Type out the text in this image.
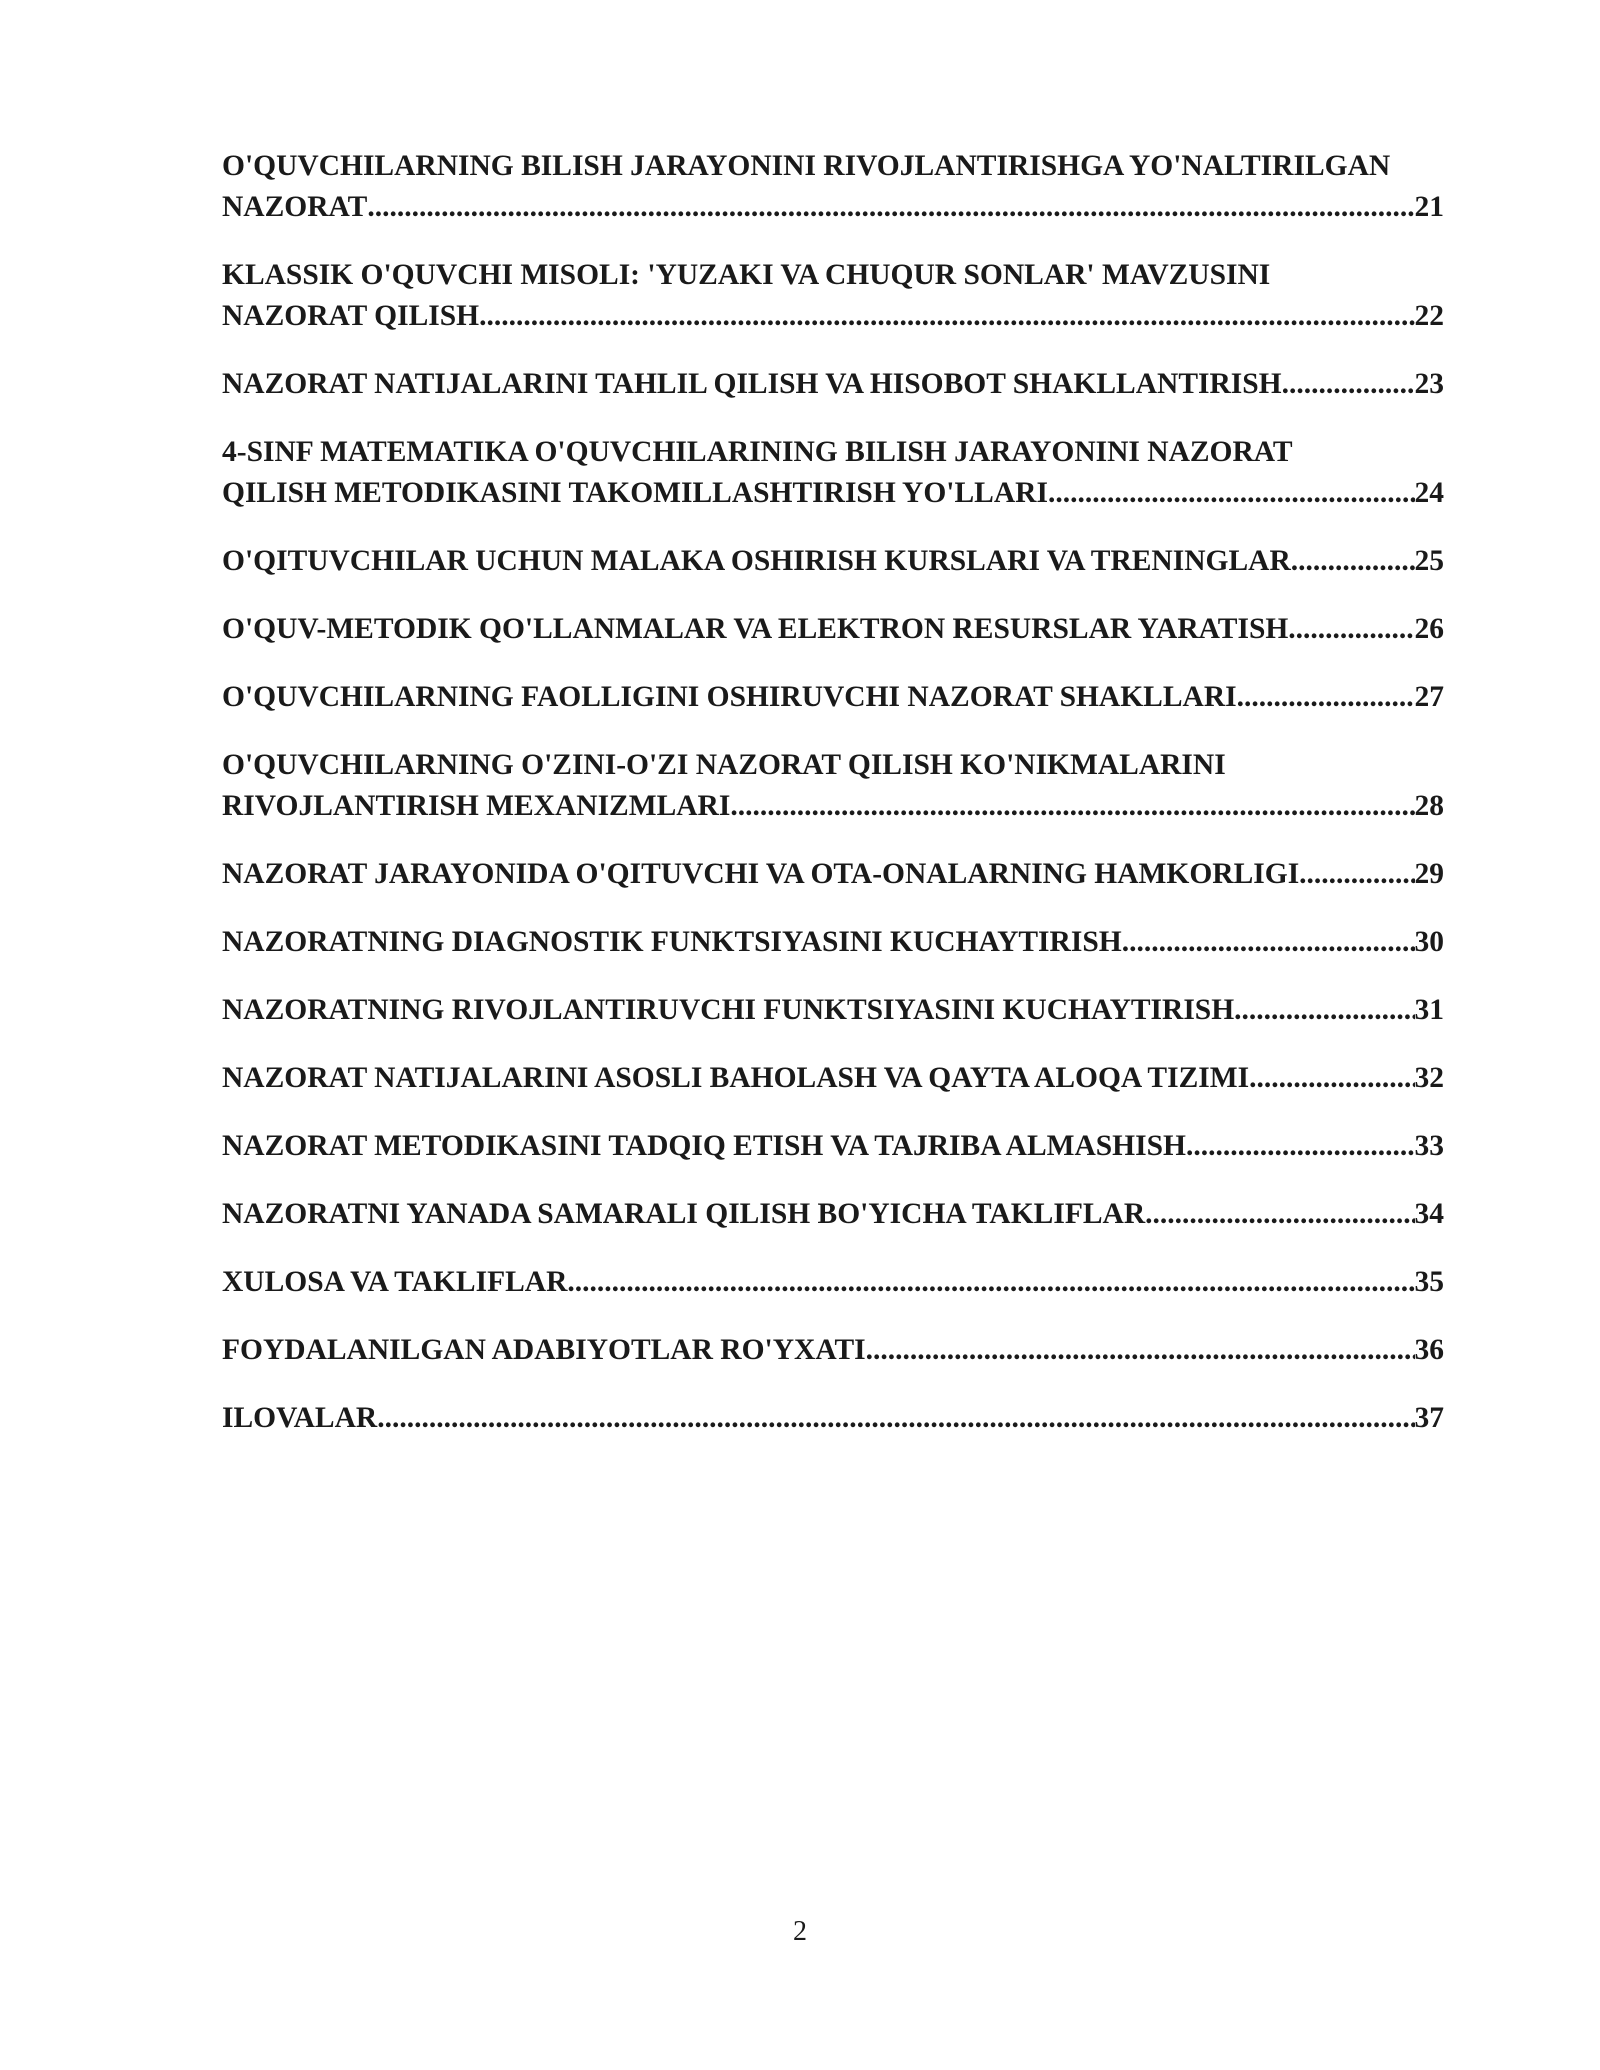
O'QUVCHILARNING BILISH JARAYONINI RIVOJLANTIRISHGA YO'NALTIRILGAN
NAZORAT .....	21
KLASSIK O'QUVCHI MISOLI: 'YUZAKI VA CHUQUR SONLAR' MAVZUSINI
NAZORAT QILISH .....	22
NAZORAT NATIJALARINI TAHLIL QILISH VA HISOBOT SHAKLLANTIRISH .....	23
4-SINF MATEMATIKA O'QUVCHILARINING BILISH JARAYONINI NAZORAT
QILISH METODIKASINI TAKOMILLASHTIRISH YO'LLARI .....	24
O'QITUVCHILAR UCHUN MALAKA OSHIRISH KURSLARI VA TRENINGLAR .....	25
O'QUV-METODIK QO'LLANMALAR VA ELEKTRON RESURSLAR YARATISH .....	26
O'QUVCHILARNING FAOLLIGINI OSHIRUVCHI NAZORAT SHAKLLARI .....	27
O'QUVCHILARNING O'ZINI-O'ZI NAZORAT QILISH KO'NIKMALARINI
RIVOJLANTIRISH MEXANIZMLARI .....	28
NAZORAT JARAYONIDA O'QITUVCHI VA OTA-ONALARNING HAMKORLIGI .....	29
NAZORATNING DIAGNOSTIK FUNKTSIYASINI KUCHAYTIRISH .....	30
NAZORATNING RIVOJLANTIRUVCHI FUNKTSIYASINI KUCHAYTIRISH .....	31
NAZORAT NATIJALARINI ASOSLI BAHOLASH VA QAYTA ALOQA TIZIMI .....	32
NAZORAT METODIKASINI TADQIQ ETISH VA TAJRIBA ALMASHISH .....	33
NAZORATNI YANADA SAMARALI QILISH BO'YICHA TAKLIFLAR .....	34
XULOSA VA TAKLIFLAR .....	35
FOYDALANILGAN ADABIYOTLAR RO'YXATI .....	36
ILOVALAR .....	37
2
